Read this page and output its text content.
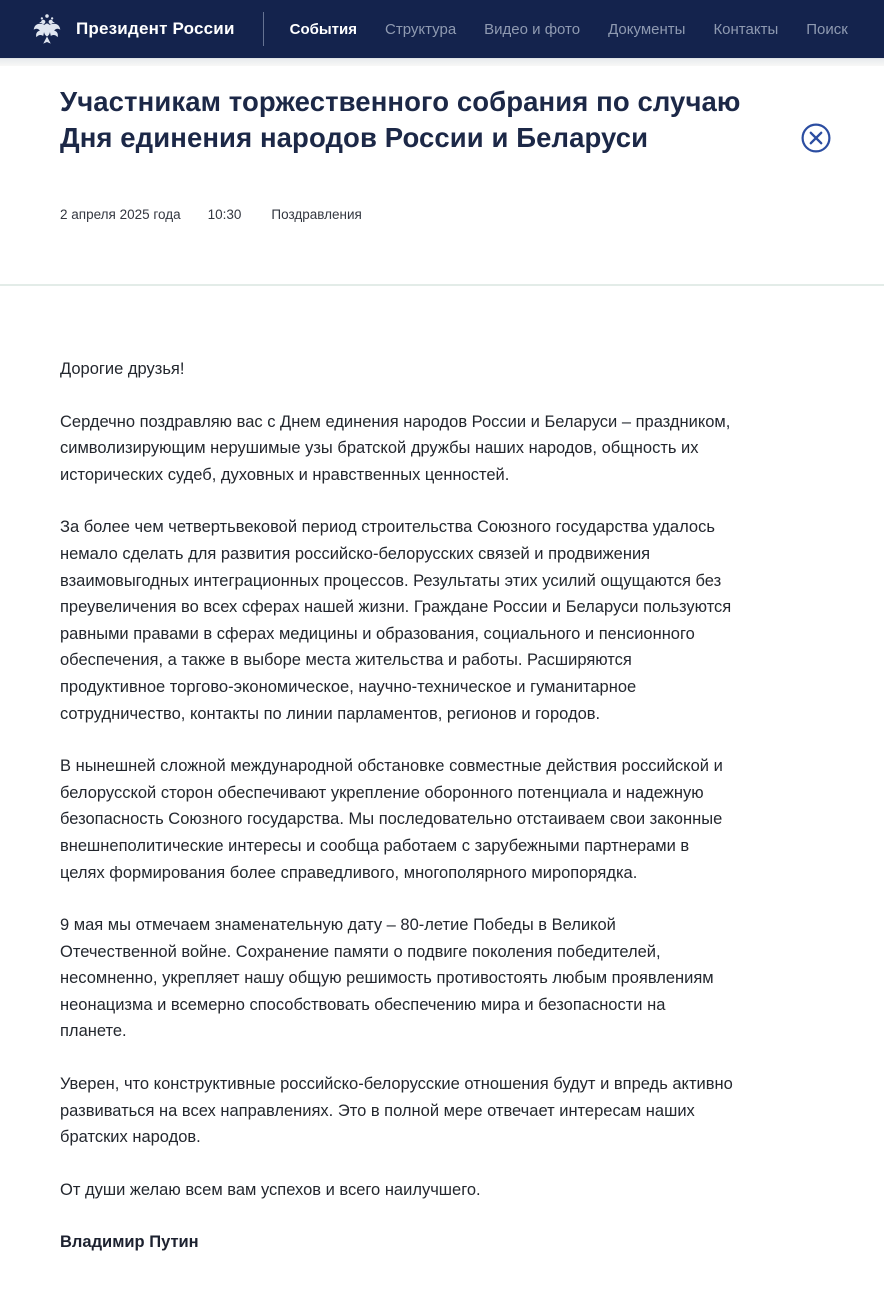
Президент России	События Структура Видео и фото Документы Контакты Поиск
Участникам торжественного собрания по случаю Дня единения народов России и Беларуси
2 апреля 2025 года 10:30 Поздравления

Дорогие друзья!

Сердечно поздравляю вас с Днем единения народов России и Беларуси – праздником, символизирующим нерушимые узы братской дружбы наших народов, общность их исторических судеб, духовных и нравственных ценностей.

За более чем четвертьвековой период строительства Союзного государства удалось немало сделать для развития российско-белорусских связей и продвижения взаимовыгодных интеграционных процессов. Результаты этих усилий ощущаются без преувеличения во всех сферах нашей жизни. Граждане России и Беларуси пользуются равными правами в сферах медицины и образования, социального и пенсионного обеспечения, а также в выборе места жительства и работы. Расширяются продуктивное торгово-экономическое, научно-техническое и гуманитарное сотрудничество, контакты по линии парламентов, регионов и городов.

В нынешней сложной международной обстановке совместные действия российской и белорусской сторон обеспечивают укрепление оборонного потенциала и надежную безопасность Союзного государства. Мы последовательно отстаиваем свои законные внешнеполитические интересы и сообща работаем с зарубежными партнерами в целях формирования более справедливого, многополярного миропорядка.

9 мая мы отмечаем знаменательную дату – 80-летие Победы в Великой Отечественной войне. Сохранение памяти о подвиге поколения победителей, несомненно, укрепляет нашу общую решимость противостоять любым проявлениям неонацизма и всемерно способствовать обеспечению мира и безопасности на планете.

Уверен, что конструктивные российско-белорусские отношения будут и впредь активно развиваться на всех направлениях. Это в полной мере отвечает интересам наших братских народов.

От души желаю всем вам успехов и всего наилучшего.

Владимир Путин
